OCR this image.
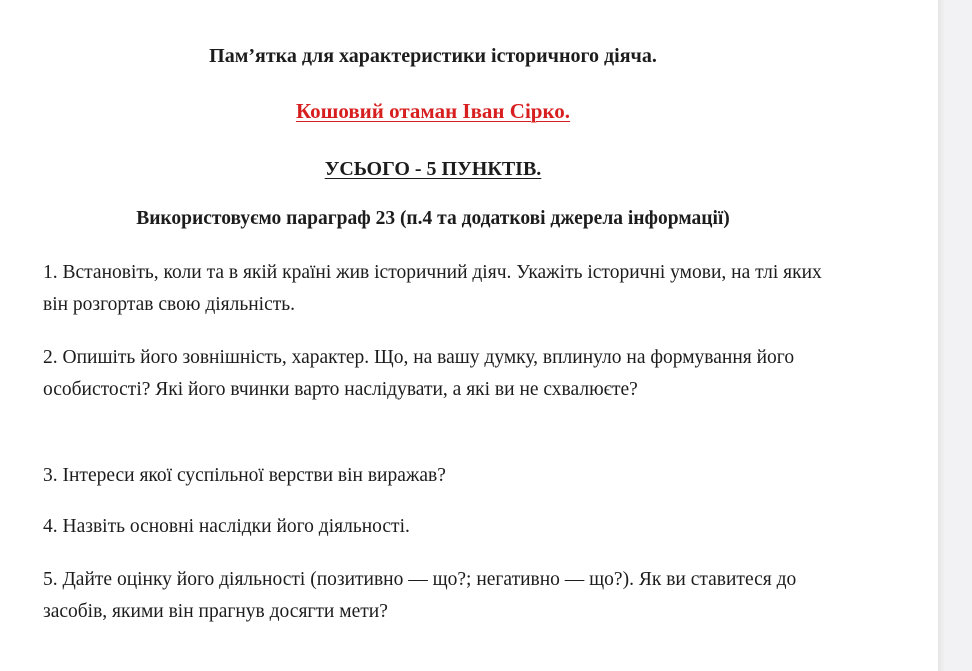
Пам’ятка для характеристики історичного діяча.
Кошовий отаман Іван Сірко.
УСЬОГО - 5 ПУНКТІВ.
Використовуємо параграф 23 (п.4 та додаткові джерела інформації)
1. Встановіть, коли та в якій країні жив історичний діяч. Укажіть історичні умови, на тлі яких він розгортав свою діяльність.
2. Опишіть його зовнішність, характер. Що, на вашу думку, вплинуло на формування його особистості? Які його вчинки варто наслідувати, а які ви не схвалюєте?
3. Інтереси якої суспільної верстви він виражав?
4. Назвіть основні наслідки його діяльності.
5. Дайте оцінку його діяльності (позитивно — що?; негативно — що?). Як ви ставитеся до засобів, якими він прагнув досягти мети?
